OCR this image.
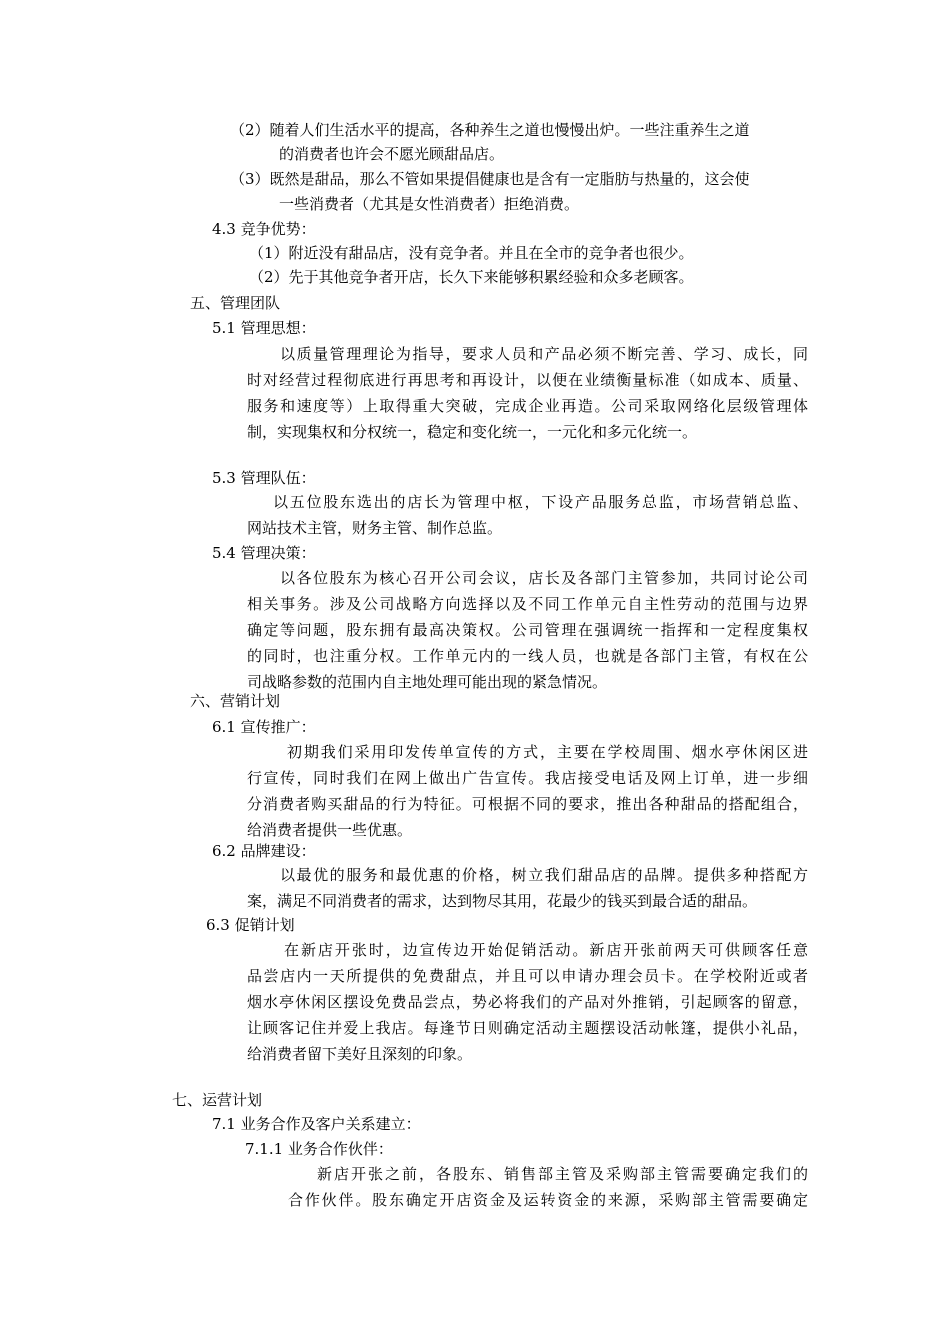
（2）随着人们生活水平的提高，各种养生之道也慢慢出炉。一些注重养生之道
的消费者也许会不愿光顾甜品店。
（3）既然是甜品，那么不管如果提倡健康也是含有一定脂肪与热量的，这会使
一些消费者（尤其是女性消费者）拒绝消费。
4.3 竞争优势：
（1）附近没有甜品店，没有竞争者。并且在全市的竞争者也很少。
（2）先于其他竞争者开店，长久下来能够积累经验和众多老顾客。
五、管理团队
5.1 管理思想：
以质量管理理论为指导，要求人员和产品必须不断完善、学习、成长，同
时对经营过程彻底进行再思考和再设计，以便在业绩衡量标准（如成本、质量、
服务和速度等）上取得重大突破，完成企业再造。公司采取网络化层级管理体
制，实现集权和分权统一，稳定和变化统一，一元化和多元化统一。
5.3 管理队伍：
以五位股东选出的店长为管理中枢，下设产品服务总监，市场营销总监、
网站技术主管，财务主管、制作总监。
5.4 管理决策：
以各位股东为核心召开公司会议，店长及各部门主管参加，共同讨论公司
相关事务。涉及公司战略方向选择以及不同工作单元自主性劳动的范围与边界
确定等问题，股东拥有最高决策权。公司管理在强调统一指挥和一定程度集权
的同时，也注重分权。工作单元内的一线人员，也就是各部门主管，有权在公
司战略参数的范围内自主地处理可能出现的紧急情况。
六、营销计划
6.1 宣传推广：
初期我们采用印发传单宣传的方式，主要在学校周围、烟水亭休闲区进
行宣传，同时我们在网上做出广告宣传。我店接受电话及网上订单，进一步细
分消费者购买甜品的行为特征。可根据不同的要求，推出各种甜品的搭配组合，
给消费者提供一些优惠。
6.2 品牌建设：
以最优的服务和最优惠的价格，树立我们甜品店的品牌。提供多种搭配方
案，满足不同消费者的需求，达到物尽其用，花最少的钱买到最合适的甜品。
6.3 促销计划
在新店开张时，边宣传边开始促销活动。新店开张前两天可供顾客任意
品尝店内一天所提供的免费甜点，并且可以申请办理会员卡。在学校附近或者
烟水亭休闲区摆设免费品尝点，势必将我们的产品对外推销，引起顾客的留意，
让顾客记住并爱上我店。每逢节日则确定活动主题摆设活动帐篷，提供小礼品，
给消费者留下美好且深刻的印象。
七、运营计划
7.1 业务合作及客户关系建立：
7.1.1 业务合作伙伴：
新店开张之前，各股东、销售部主管及采购部主管需要确定我们的
合作伙伴。股东确定开店资金及运转资金的来源，采购部主管需要确定
